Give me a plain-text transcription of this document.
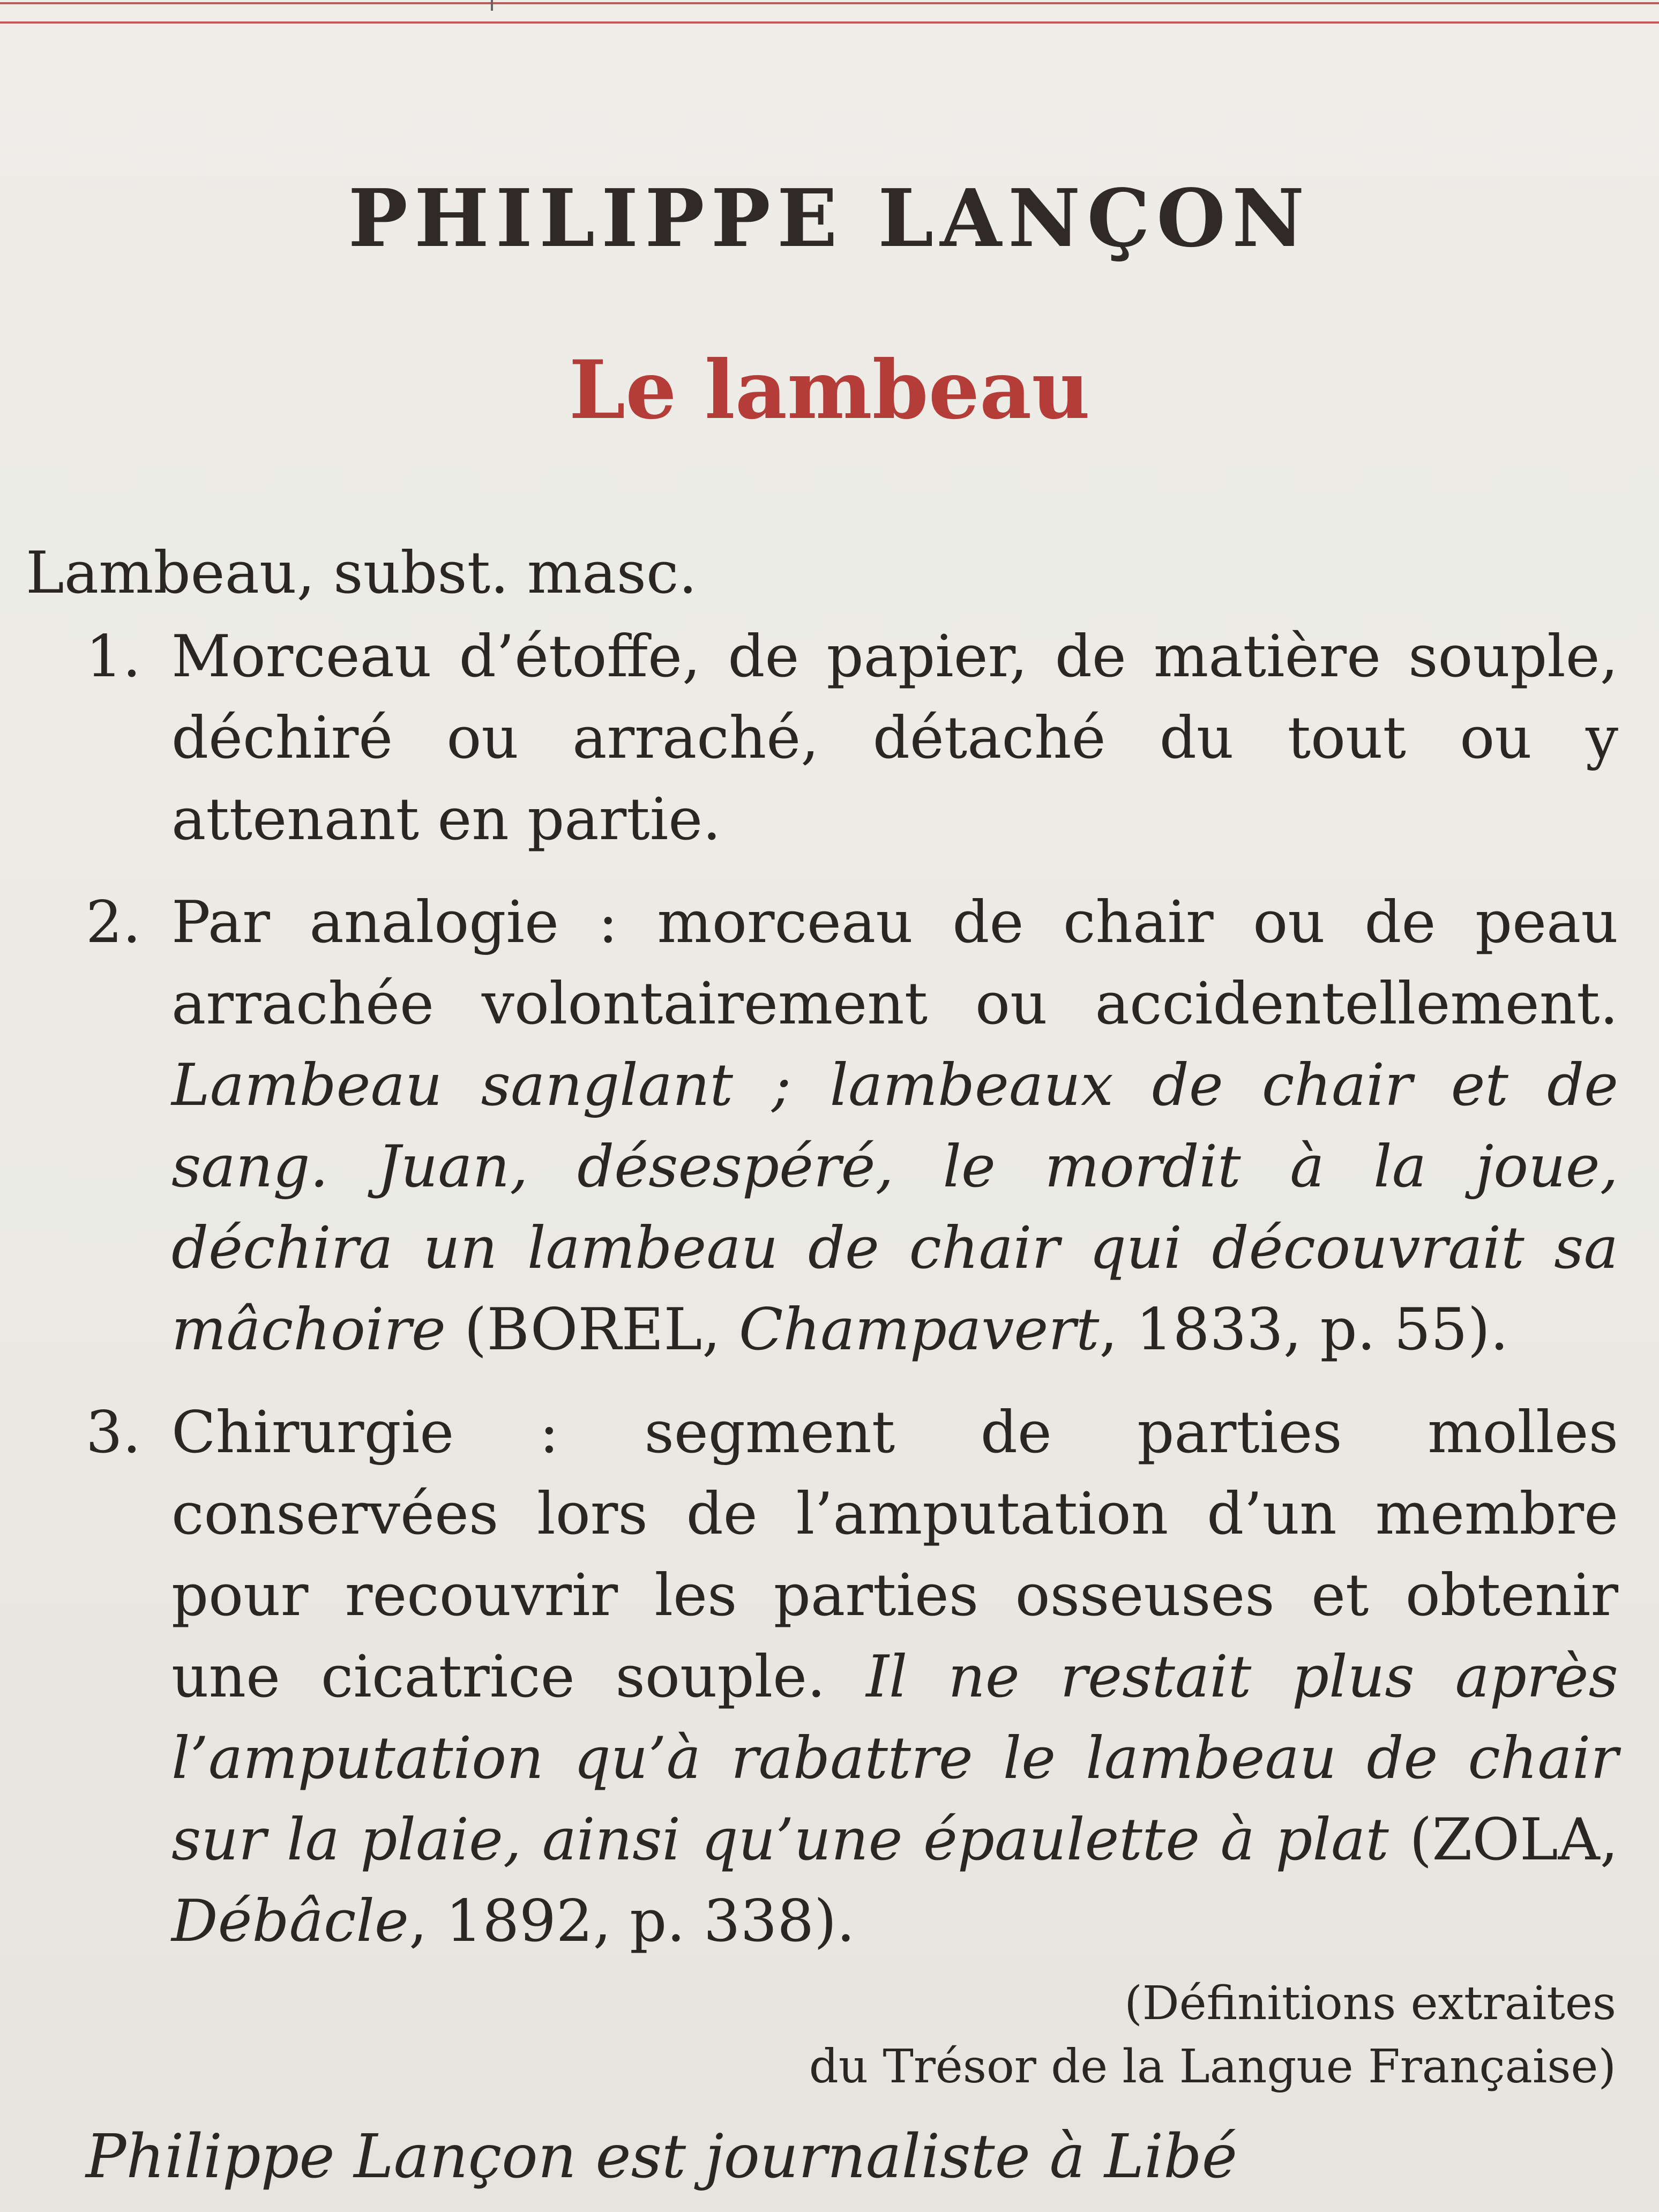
PHILIPPE LANÇON
Le lambeau
Lambeau, subst. masc.
1. Morceau d’étoffe, de papier, de matière souple, déchiré ou arraché, détaché du tout ou y attenant en partie.
2. Par analogie : morceau de chair ou de peau arrachée volontairement ou accidentellement. Lambeau sanglant ; lambeaux de chair et de sang. Juan, désespéré, le mordit à la joue, déchira un lambeau de chair qui découvrait sa mâchoire (BOREL, Champavert, 1833, p. 55).
3. Chirurgie : segment de parties molles conservées lors de l’amputation d’un membre pour recouvrir les parties osseuses et obtenir une cicatrice souple. Il ne restait plus après l’amputation qu’à rabattre le lambeau de chair sur la plaie, ainsi qu’une épaulette à plat (ZOLA, Débâcle, 1892, p. 338).
(Définitions extraites
du Trésor de la Langue Française)
Philippe Lançon est journaliste à Libé
